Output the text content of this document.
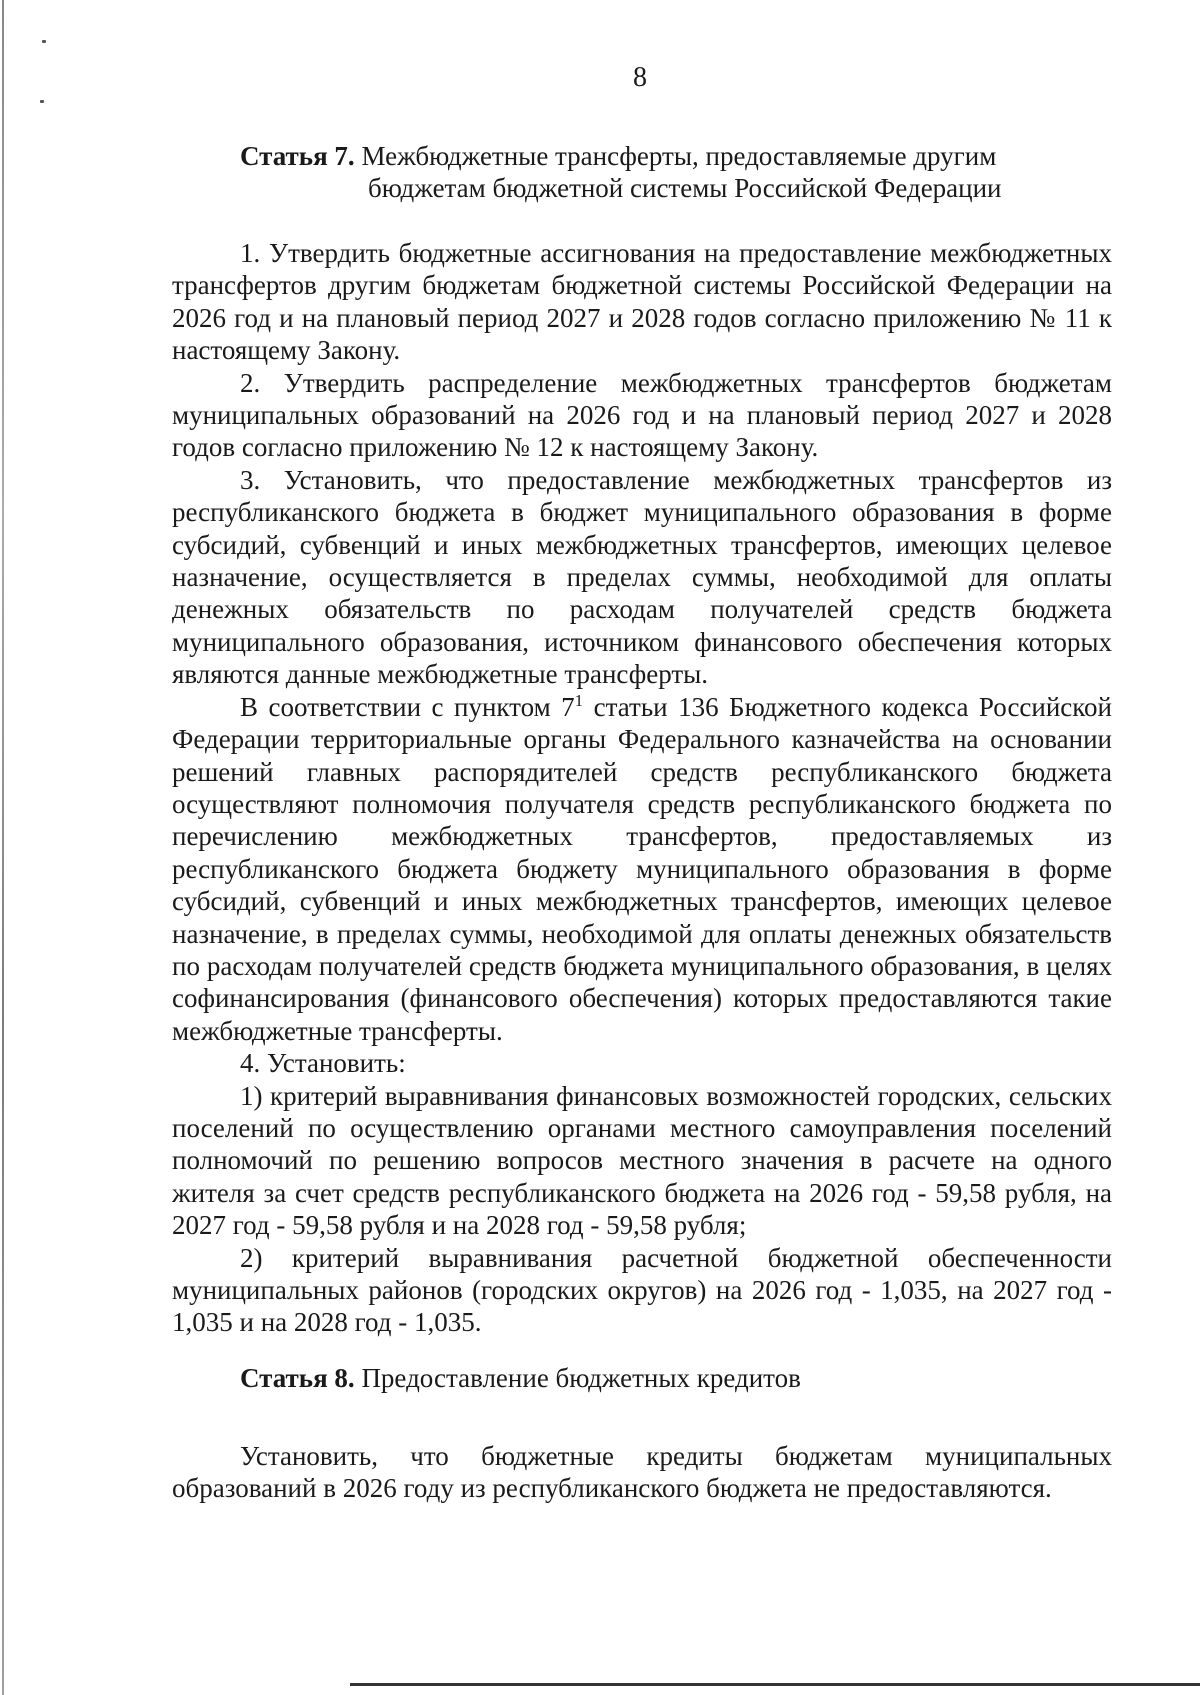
8
Статья 7. Межбюджетные трансферты, предоставляемые другим
бюджетам бюджетной системы Российской Федерации

1. Утвердить бюджетные ассигнования на предоставление межбюджетных трансфертов другим бюджетам бюджетной системы Российской Федерации на 2026 год и на плановый период 2027 и 2028 годов согласно приложению № 11 к настоящему Закону.

2. Утвердить распределение межбюджетных трансфертов бюджетам муниципальных образований на 2026 год и на плановый период 2027 и 2028 годов согласно приложению № 12 к настоящему Закону.

3. Установить, что предоставление межбюджетных трансфертов из республиканского бюджета в бюджет муниципального образования в форме субсидий, субвенций и иных межбюджетных трансфертов, имеющих целевое назначение, осуществляется в пределах суммы, необходимой для оплаты денежных обязательств по расходам получателей средств бюджета муниципального образования, источником финансового обеспечения которых являются данные межбюджетные трансферты.

В соответствии с пунктом $7^1$ статьи 136 Бюджетного кодекса Российской Федерации территориальные органы Федерального казначейства на основании решений главных распорядителей средств республиканского бюджета осуществляют полномочия получателя средств республиканского бюджета по перечислению межбюджетных трансфертов, предоставляемых из республиканского бюджета бюджету муниципального образования в форме субсидий, субвенций и иных межбюджетных трансфертов, имеющих целевое назначение, в пределах суммы, необходимой для оплаты денежных обязательств по расходам получателей средств бюджета муниципального образования, в целях софинансирования (финансового обеспечения) которых предоставляются такие межбюджетные трансферты.

4. Установить:

1) критерий выравнивания финансовых возможностей городских, сельских поселений по осуществлению органами местного самоуправления поселений полномочий по решению вопросов местного значения в расчете на одного жителя за счет средств республиканского бюджета на 2026 год - 59,58 рубля, на 2027 год - 59,58 рубля и на 2028 год - 59,58 рубля;

2) критерий выравнивания расчетной бюджетной обеспеченности муниципальных районов (городских округов) на 2026 год - 1,035, на 2027 год - 1,035 и на 2028 год - 1,035.

Статья 8. Предоставление бюджетных кредитов

Установить, что бюджетные кредиты бюджетам муниципальных образований в 2026 году из республиканского бюджета не предоставляются.
